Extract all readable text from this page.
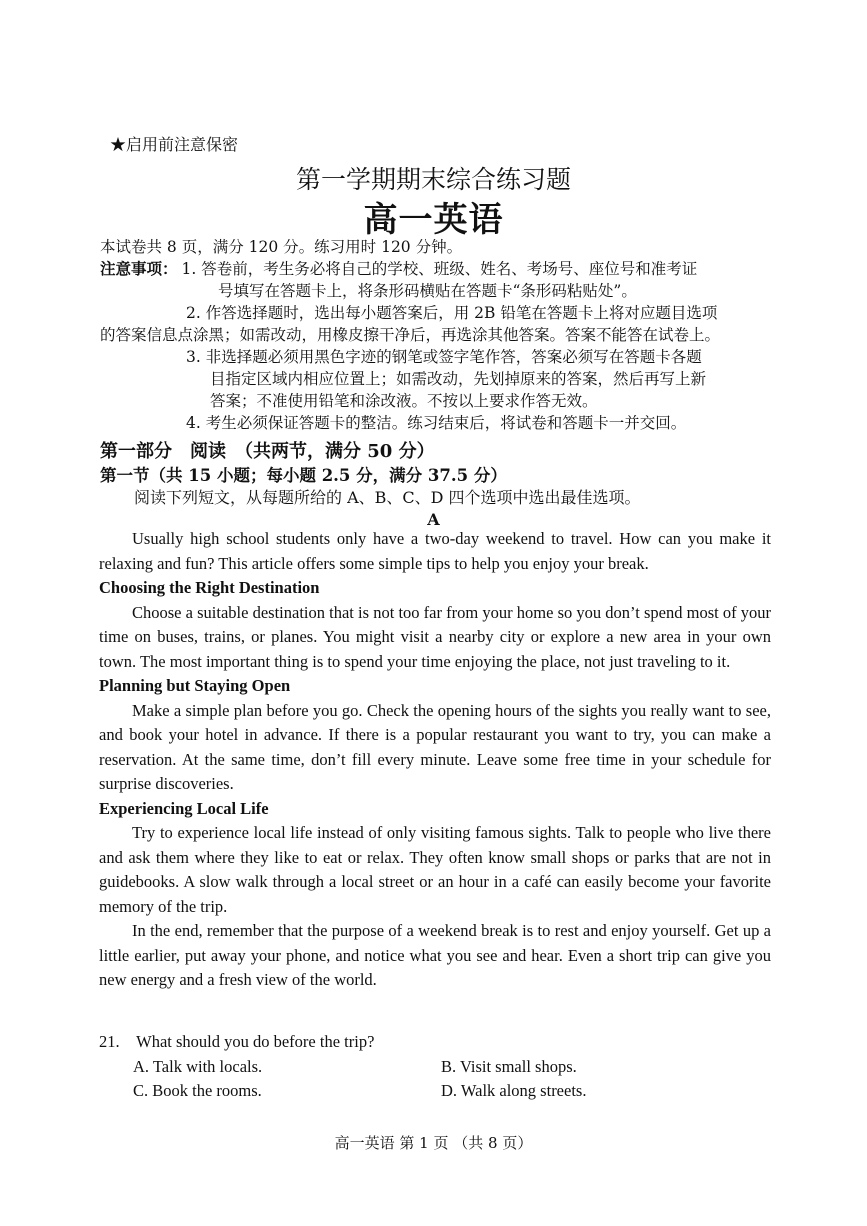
★启用前注意保密
第一学期期末综合练习题
高一英语
本试卷共 8 页，满分 120 分。练习用时 120 分钟。
注意事项： 1. 答卷前，考生务必将自己的学校、班级、姓名、考场号、座位号和准考证
号填写在答题卡上，将条形码横贴在答题卡“条形码粘贴处”。
2. 作答选择题时，选出每小题答案后，用 2B 铅笔在答题卡上将对应题目选项
的答案信息点涂黑；如需改动，用橡皮擦干净后，再选涂其他答案。答案不能答在试卷上。
3. 非选择题必须用黑色字迹的钢笔或签字笔作答，答案必须写在答题卡各题
目指定区域内相应位置上；如需改动，先划掉原来的答案，然后再写上新
答案；不准使用铅笔和涂改液。不按以上要求作答无效。
4. 考生必须保证答题卡的整洁。练习结束后，将试卷和答题卡一并交回。
第一部分　阅读　（共两节，满分 50 分）
第一节（共 15 小题；每小题 2.5 分，满分 37.5 分）
阅读下列短文，从每题所给的 A、B、C、D 四个选项中选出最佳选项。
A

Usually high school students only have a two-day weekend to travel. How can you make it relaxing and fun? This article offers some simple tips to help you enjoy your break.

Choosing the Right Destination

Choose a suitable destination that is not too far from your home so you don’t spend most of your time on buses, trains, or planes. You might visit a nearby city or explore a new area in your own town. The most important thing is to spend your time enjoying the place, not just traveling to it.

Planning but Staying Open

Make a simple plan before you go. Check the opening hours of the sights you really want to see, and book your hotel in advance. If there is a popular restaurant you want to try, you can make a reservation. At the same time, don’t fill every minute. Leave some free time in your schedule for surprise discoveries.

Experiencing Local Life

Try to experience local life instead of only visiting famous sights. Talk to people who live there and ask them where they like to eat or relax. They often know small shops or parks that are not in guidebooks. A slow walk through a local street or an hour in a café can easily become your favorite memory of the trip.

In the end, remember that the purpose of a weekend break is to rest and enjoy yourself. Get up a little earlier, put away your phone, and notice what you see and hear. Even a short trip can give you new energy and a fresh view of the world.

21.　What should you do before the trip?
A. Talk with locals.	B. Visit small shops.
C. Book the rooms.	D. Walk along streets.
高一英语 第 1 页 （共 8 页）
